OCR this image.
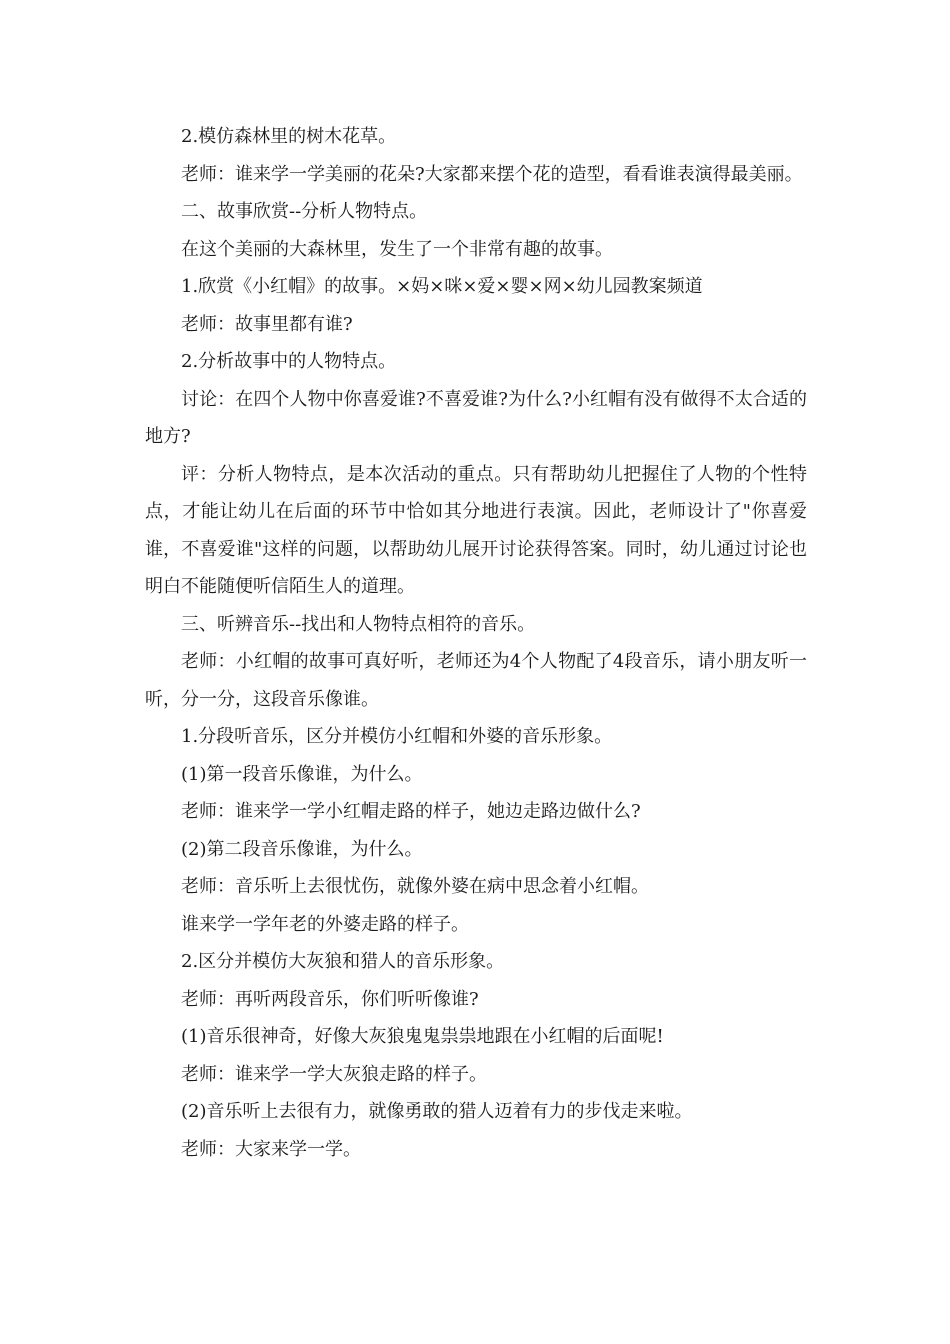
2.模仿森林里的树木花草。

老师：谁来学一学美丽的花朵?大家都来摆个花的造型，看看谁表演得最美丽。

二、故事欣赏--分析人物特点。

在这个美丽的大森林里，发生了一个非常有趣的故事。

1.欣赏《小红帽》的故事。×妈×咪×爱×婴×网×幼儿园教案频道

老师：故事里都有谁?

2.分析故事中的人物特点。

讨论：在四个人物中你喜爱谁?不喜爱谁?为什么?小红帽有没有做得不太合适的地方?

评：分析人物特点，是本次活动的重点。只有帮助幼儿把握住了人物的个性特点，才能让幼儿在后面的环节中恰如其分地进行表演。因此，老师设计了"你喜爱谁，不喜爱谁"这样的问题，以帮助幼儿展开讨论获得答案。同时，幼儿通过讨论也明白不能随便听信陌生人的道理。

三、听辨音乐--找出和人物特点相符的音乐。

老师：小红帽的故事可真好听，老师还为4个人物配了4段音乐，请小朋友听一听，分一分，这段音乐像谁。

1.分段听音乐，区分并模仿小红帽和外婆的音乐形象。

(1)第一段音乐像谁，为什么。

老师：谁来学一学小红帽走路的样子，她边走路边做什么?

(2)第二段音乐像谁，为什么。

老师：音乐听上去很忧伤，就像外婆在病中思念着小红帽。

谁来学一学年老的外婆走路的样子。

2.区分并模仿大灰狼和猎人的音乐形象。

老师：再听两段音乐，你们听听像谁?

(1)音乐很神奇，好像大灰狼鬼鬼祟祟地跟在小红帽的后面呢!

老师：谁来学一学大灰狼走路的样子。

(2)音乐听上去很有力，就像勇敢的猎人迈着有力的步伐走来啦。

老师：大家来学一学。
